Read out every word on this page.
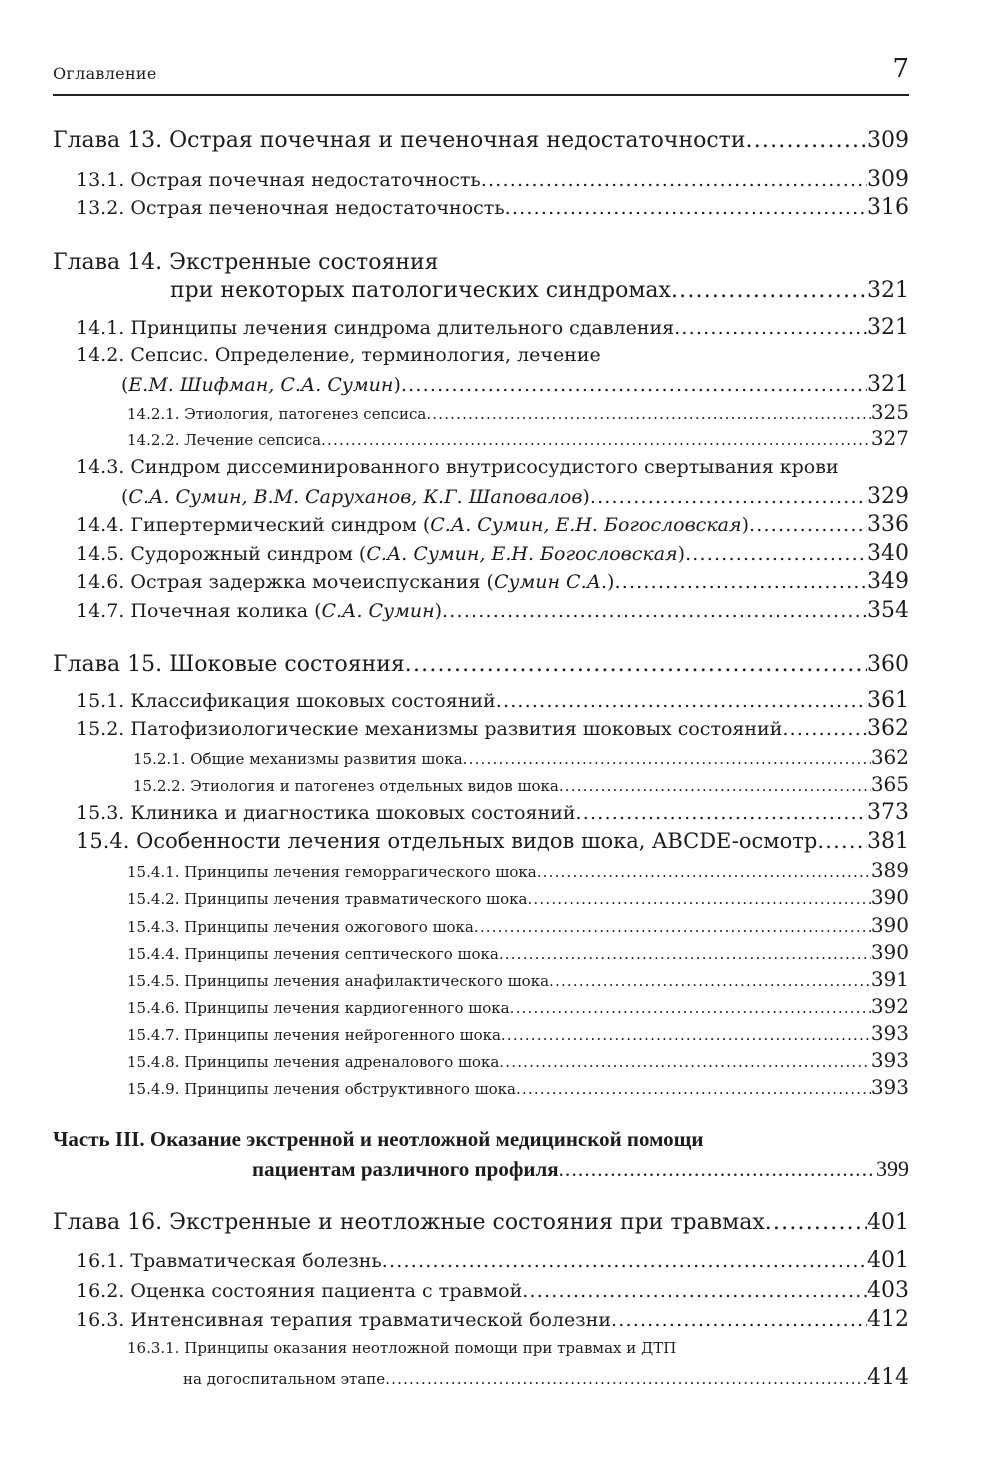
Оглавление	7
Глава 13. Острая почечная и печеночная недостаточности .....	309
13.1. Острая почечная недостаточность .....	309
13.2. Острая печеночная недостаточность .....	316
Глава 14. Экстренные состояния
при некоторых патологических синдромах .....	321
14.1. Принципы лечения синдрома длительного сдавления .....	321
14.2. Сепсис. Определение, терминология, лечение
(Е.М. Шифман, С.А. Сумин) .....	321
14.2.1. Этиология, патогенез сепсиса .....	325
14.2.2. Лечение сепсиса .....	327
14.3. Синдром диссеминированного внутрисосудистого свертывания крови
(С.А. Сумин, В.М. Саруханов, К.Г. Шаповалов) .....	329
14.4. Гипертермический синдром (С.А. Сумин, Е.Н. Богословская) .....	336
14.5. Судорожный синдром (С.А. Сумин, Е.Н. Богословская) .....	340
14.6. Острая задержка мочеиспускания (Сумин С.А.) .....	349
14.7. Почечная колика (С.А. Сумин) .....	354
Глава 15. Шоковые состояния .....	360
15.1. Классификация шоковых состояний .....	361
15.2. Патофизиологические механизмы развития шоковых состояний .....	362
15.2.1. Общие механизмы развития шока .....	362
15.2.2. Этиология и патогенез отдельных видов шока .....	365
15.3. Клиника и диагностика шоковых состояний .....	373
15.4. Особенности лечения отдельных видов шока, ABCDE-осмотр ..... 381
15.4.1. Принципы лечения геморрагического шока .....	389
15.4.2. Принципы лечения травматического шока .....	390
15.4.3. Принципы лечения ожогового шока .....	390
15.4.4. Принципы лечения септического шока .....	390
15.4.5. Принципы лечения анафилактического шока .....	391
15.4.6. Принципы лечения кардиогенного шока .....	392
15.4.7. Принципы лечения нейрогенного шока .....	393
15.4.8. Принципы лечения адреналового шока .....	393
15.4.9. Принципы лечения обструктивного шока .....	393
Часть III. Оказание экстренной и неотложной медицинской помощи
пациентам различного профиля .....	399
Глава 16. Экстренные и неотложные состояния при травмах .....	401
16.1. Травматическая болезнь .....	401
16.2. Оценка состояния пациента с травмой .....	403
16.3. Интенсивная терапия травматической болезни .....	412
16.3.1. Принципы оказания неотложной помощи при травмах и ДТП
на догоспитальном этапе .....	414
